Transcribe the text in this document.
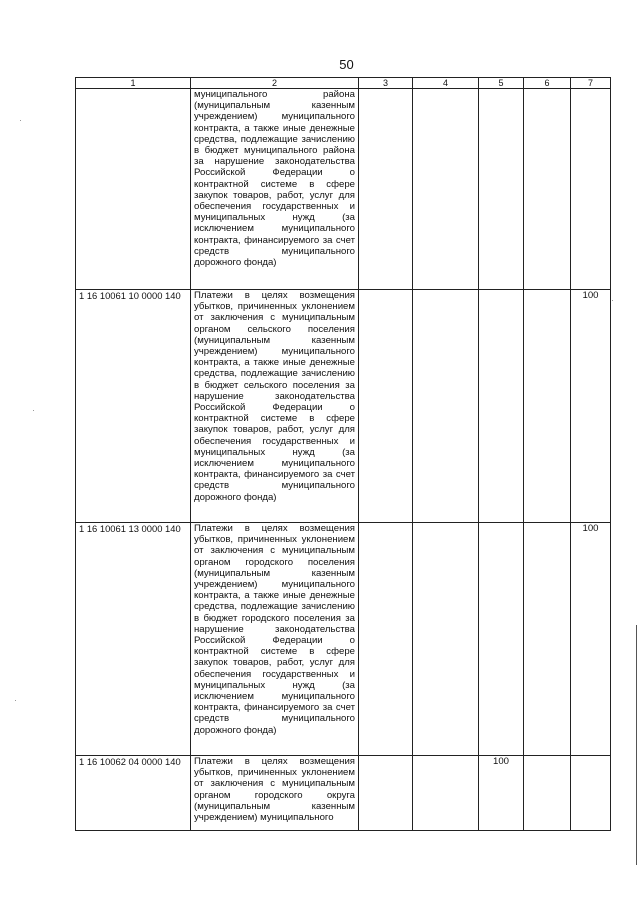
50
1	2	3	4	5	6	7
	муниципального района (муниципальным казенным учреждением) муниципального контракта, а также иные денежные средства, подлежащие зачислению в бюджет муниципального района за нарушение законодательства Российской Федерации о контрактной системе в сфере закупок товаров, работ, услуг для обеспечения государственных и муниципальных нужд (за исключением муниципального контракта, финансируемого за счет средств муниципального дорожного фонда)					
1 16 10061 10 0000 140	Платежи в целях возмещения убытков, причиненных уклонением от заключения с муниципальным органом сельского поселения (муниципальным казенным учреждением) муниципального контракта, а также иные денежные средства, подлежащие зачислению в бюджет сельского поселения за нарушение законодательства Российской Федерации о контрактной системе в сфере закупок товаров, работ, услуг для обеспечения государственных и муниципальных нужд (за исключением муниципального контракта, финансируемого за счет средств муниципального дорожного фонда)					100
1 16 10061 13 0000 140	Платежи в целях возмещения убытков, причиненных уклонением от заключения с муниципальным органом городского поселения (муниципальным казенным учреждением) муниципального контракта, а также иные денежные средства, подлежащие зачислению в бюджет городского поселения за нарушение законодательства Российской Федерации о контрактной системе в сфере закупок товаров, работ, услуг для обеспечения государственных и муниципальных нужд (за исключением муниципального контракта, финансируемого за счет средств муниципального дорожного фонда)					100
1 16 10062 04 0000 140	Платежи в целях возмещения убытков, причиненных уклонением от заключения с муниципальным органом городского округа (муниципальным казенным учреждением) муниципального			100		
